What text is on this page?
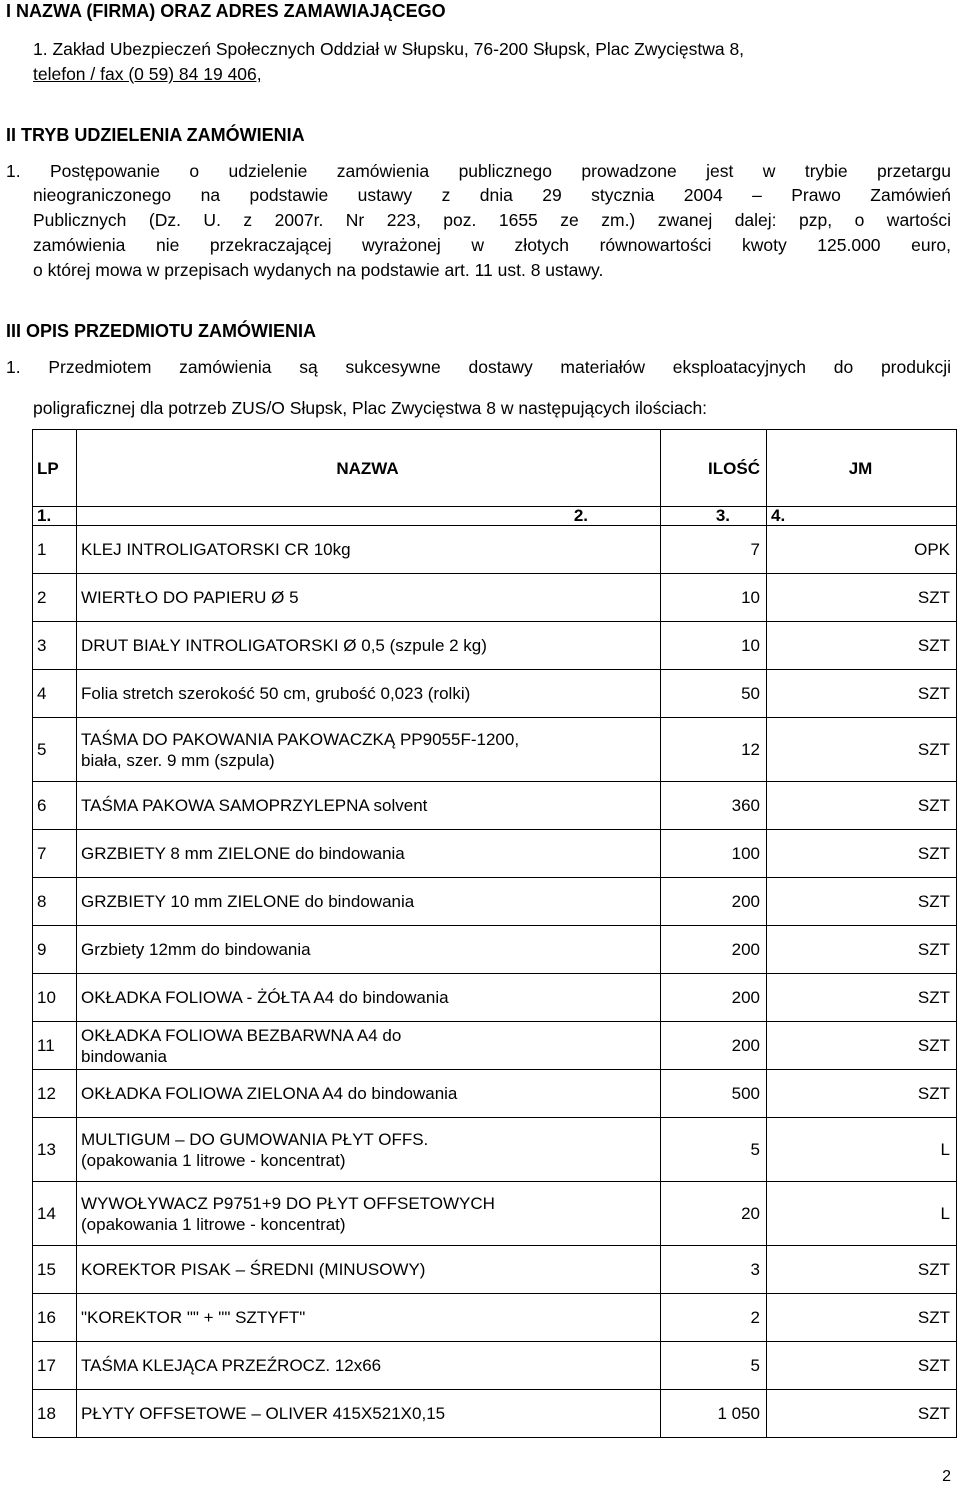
I NAZWA (FIRMA) ORAZ ADRES ZAMAWIAJĄCEGO
1. Zakład Ubezpieczeń Społecznych Oddział w Słupsku, 76-200 Słupsk, Plac Zwycięstwa 8,
telefon / fax (0 59) 84 19 406,
II TRYB UDZIELENIA ZAMÓWIENIA
1. Postępowanie o udzielenie zamówienia publicznego prowadzone jest w trybie przetargu
nieograniczonego na podstawie ustawy z dnia 29 stycznia 2004 – Prawo Zamówień
Publicznych (Dz. U. z 2007r. Nr 223, poz. 1655 ze zm.) zwanej dalej: pzp, o wartości
zamówienia nie przekraczającej wyrażonej w złotych równowartości kwoty 125.000 euro,
o której mowa w przepisach wydanych na podstawie art. 11 ust. 8 ustawy.
III OPIS PRZEDMIOTU ZAMÓWIENIA
1. Przedmiotem zamówienia są sukcesywne dostawy materiałów eksploatacyjnych do produkcji
poligraficznej dla potrzeb ZUS/O Słupsk, Plac Zwycięstwa 8 w następujących ilościach:
LP	NAZWA	ILOŚĆ	JM
1.	2.	3.	4.
1	KLEJ INTROLIGATORSKI CR 10kg	7	OPK
2	WIERTŁO DO PAPIERU Ø 5	10	SZT
3	DRUT BIAŁY INTROLIGATORSKI Ø 0,5 (szpule 2 kg)	10	SZT
4	Folia stretch szerokość 50 cm, grubość 0,023 (rolki)	50	SZT
5	TAŚMA DO PAKOWANIA PAKOWACZKĄ PP9055F-1200, biała, szer. 9 mm (szpula)	12	SZT
6	TAŚMA PAKOWA SAMOPRZYLEPNA solvent	360	SZT
7	GRZBIETY 8 mm ZIELONE do bindowania	100	SZT
8	GRZBIETY 10 mm ZIELONE do bindowania	200	SZT
9	Grzbiety 12mm do bindowania	200	SZT
10	OKŁADKA FOLIOWA - ŻÓŁTA A4 do bindowania	200	SZT
11	OKŁADKA FOLIOWA BEZBARWNA A4 do bindowania	200	SZT
12	OKŁADKA FOLIOWA ZIELONA A4 do bindowania	500	SZT
13	MULTIGUM – DO GUMOWANIA PŁYT OFFS. (opakowania 1 litrowe - koncentrat)	5	L
14	WYWOŁYWACZ P9751+9 DO PŁYT OFFSETOWYCH (opakowania 1 litrowe - koncentrat)	20	L
15	KOREKTOR PISAK – ŚREDNI (MINUSOWY)	3	SZT
16	"KOREKTOR "" + "" SZTYFT"	2	SZT
17	TAŚMA KLEJĄCA PRZEŹROCZ. 12x66	5	SZT
18	PŁYTY OFFSETOWE – OLIVER 415X521X0,15	1 050	SZT
2
